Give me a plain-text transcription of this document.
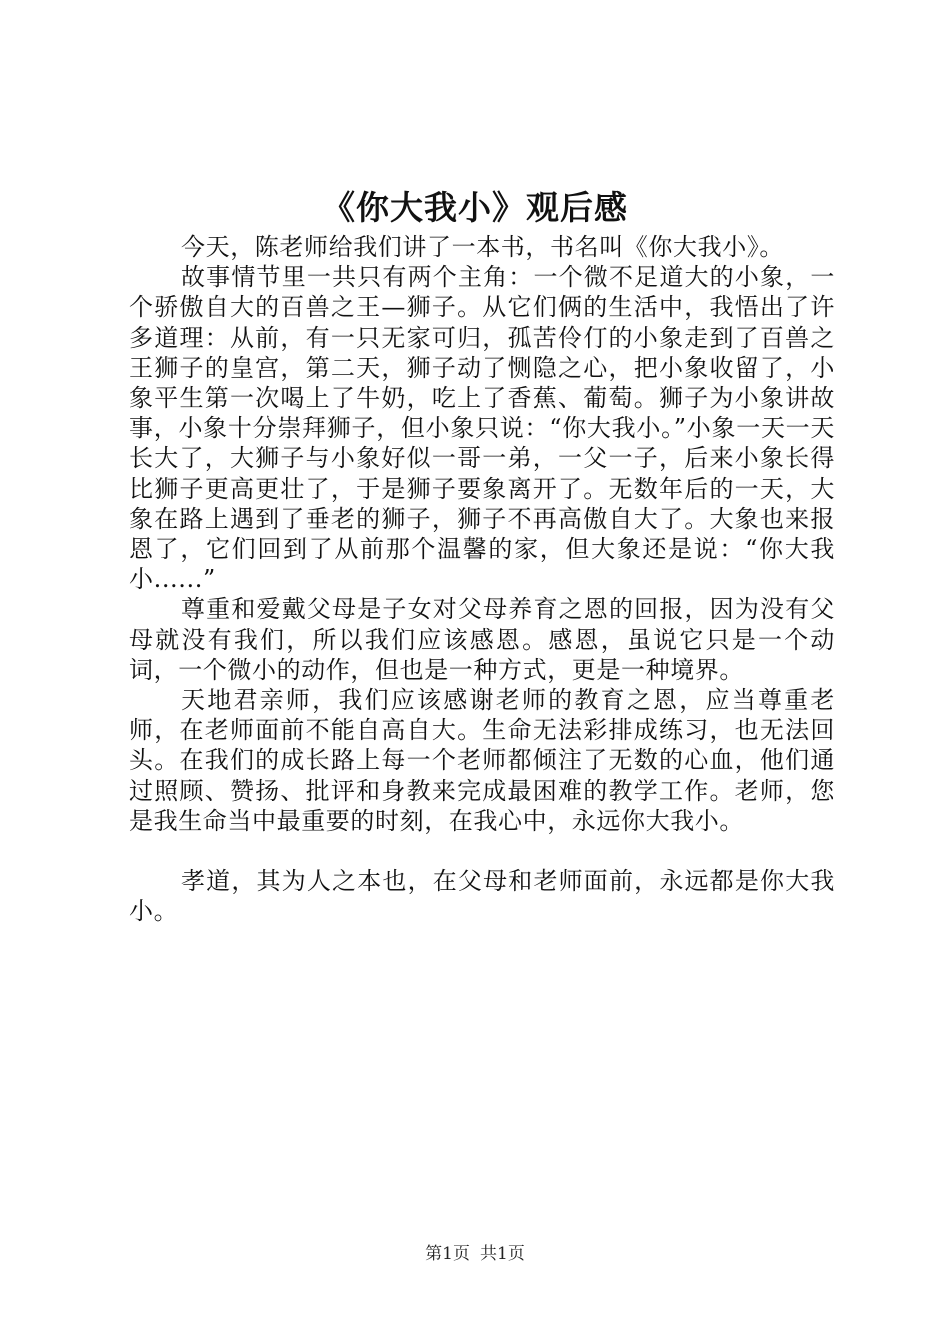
《你大我小》观后感

今天，陈老师给我们讲了一本书，书名叫《你大我小》。

故事情节里一共只有两个主角：一个微不足道大的小象，一个骄傲自大的百兽之王—狮子。从它们俩的生活中，我悟出了许多道理：从前，有一只无家可归，孤苦伶仃的小象走到了百兽之王狮子的皇宫，第二天，狮子动了恻隐之心，把小象收留了，小象平生第一次喝上了牛奶，吃上了香蕉、葡萄。狮子为小象讲故事，小象十分崇拜狮子，但小象只说：“你大我小。”小象一天一天长大了，大狮子与小象好似一哥一弟，一父一子，后来小象长得比狮子更高更壮了，于是狮子要象离开了。无数年后的一天，大象在路上遇到了垂老的狮子，狮子不再高傲自大了。大象也来报恩了，它们回到了从前那个温馨的家，但大象还是说：“你大我小......”

尊重和爱戴父母是子女对父母养育之恩的回报，因为没有父母就没有我们，所以我们应该感恩。感恩，虽说它只是一个动词，一个微小的动作，但也是一种方式，更是一种境界。

天地君亲师，我们应该感谢老师的教育之恩，应当尊重老师，在老师面前不能自高自大。生命无法彩排成练习，也无法回头。在我们的成长路上每一个老师都倾注了无数的心血，他们通过照顾、赞扬、批评和身教来完成最困难的教学工作。老师，您是我生命当中最重要的时刻，在我心中，永远你大我小。

孝道，其为人之本也，在父母和老师面前，永远都是你大我小。

第1页 共1页
